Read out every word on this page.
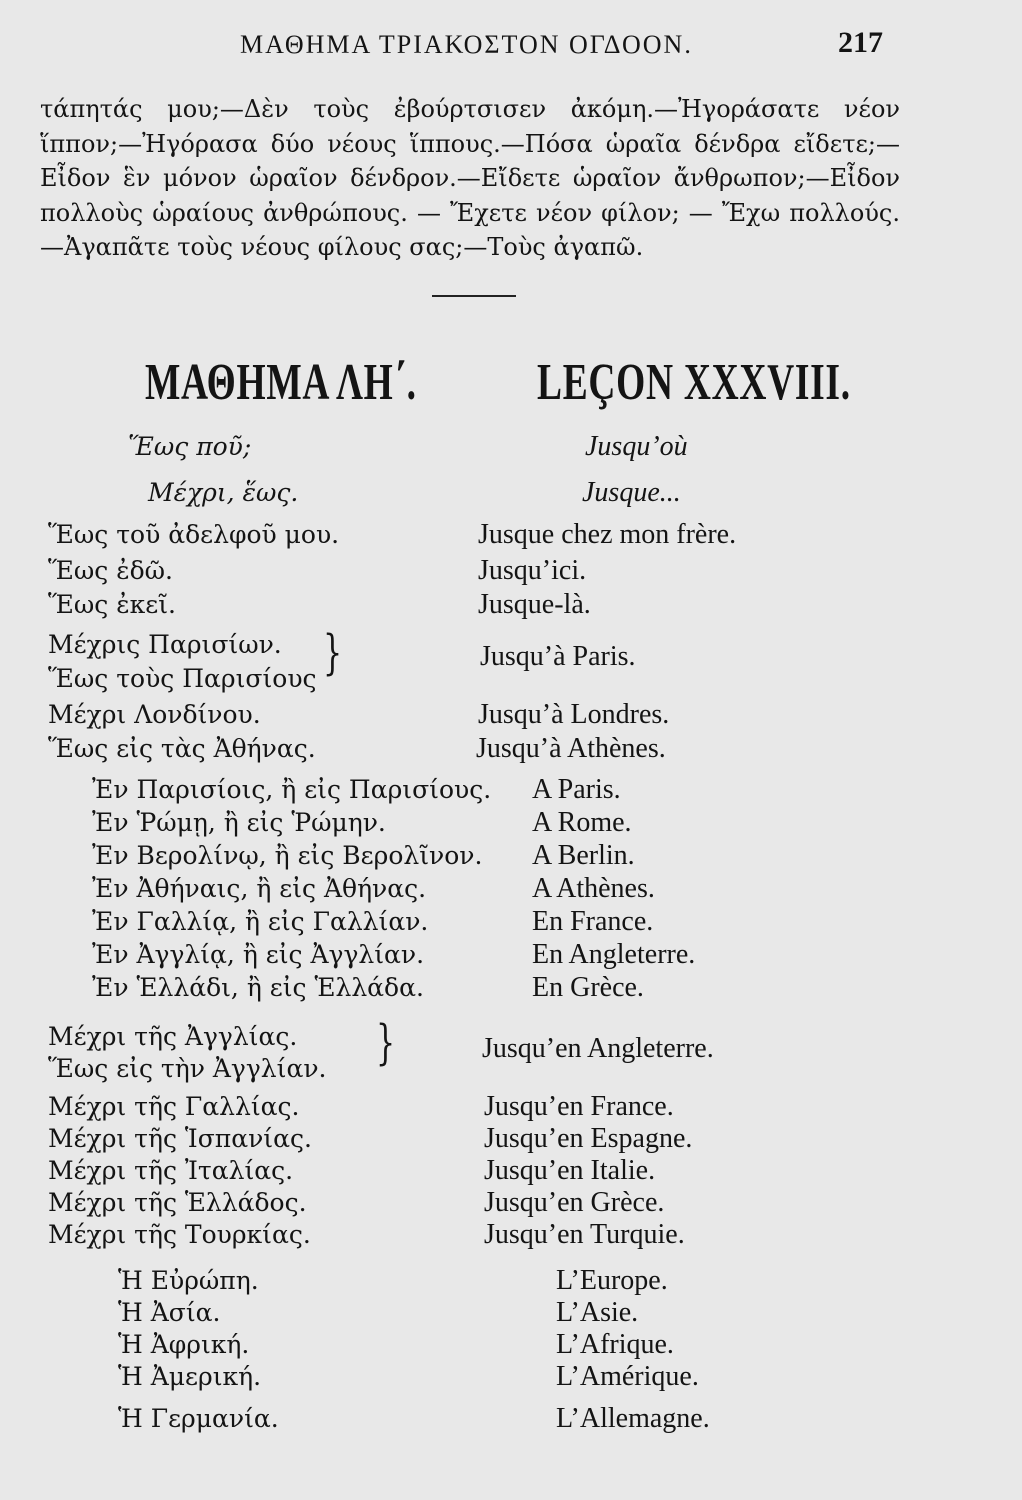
ΜΑΘΗΜΑ ΤΡΙΑΚΟΣΤΟΝ ΟΓΔΟΟΝ.	217

τάπητάς μου;—Δὲν τοὺς ἐβούρτσισεν ἀκόμη.—Ἠγοράσατε νέον ἵππον;—Ἠγόρασα δύο νέους ἵππους.—Πόσα ὡραῖα δένδρα εἴδετε;—Εἶδον ἓν μόνον ὡραῖον δένδρον.—Εἴδετε ὡραῖον ἄνθρωπον;—Εἶδον πολλοὺς ὡραίους ἀνθρώπους. — Ἔχετε νέον φίλον; — Ἔχω πολλούς.—Ἀγαπᾶτε τοὺς νέους φίλους σας;—Τοὺς ἀγαπῶ.

ΜΑΘΗΜΑ ΛΗ΄. LEÇON XXXVIII.
Ἕως ποῦ;	Jusqu’où
Μέχρι, ἕως.	Jusque...
Ἕως τοῦ ἀδελφοῦ μου.	Jusque chez mon frère.
Ἕως ἐδῶ.	Jusqu’ici.
Ἕως ἐκεῖ.	Jusque-là.
Μέχρις Παρισίων.
Ἕως τοὺς Παρισίους }	Jusqu’à Paris.
Μέχρι Λονδίνου.	Jusqu’à Londres.
Ἕως εἰς τὰς Ἀθήνας.	Jusqu’à Athènes.
Ἐν Παρισίοις, ἢ εἰς Παρισίους. A Paris.
Ἐν Ῥώμῃ, ἢ εἰς Ῥώμην.	A Rome.
Ἐν Βερολίνῳ, ἢ εἰς Βερολῖνον. A Berlin.
Ἐν Ἀθήναις, ἢ εἰς Ἀθήνας.	A Athènes.
Ἐν Γαλλίᾳ, ἢ εἰς Γαλλίαν.	En France.
Ἐν Ἀγγλίᾳ, ἢ εἰς Ἀγγλίαν.	En Angleterre.
Ἐν Ἑλλάδι, ἢ εἰς Ἑλλάδα.	En Grèce.
Μέχρι τῆς Ἀγγλίας.
Ἕως εἰς τὴν Ἀγγλίαν. }	Jusqu’en Angleterre.
Μέχρι τῆς Γαλλίας.	Jusqu’en France.
Μέχρι τῆς Ἱσπανίας.	Jusqu’en Espagne.
Μέχρι τῆς Ἰταλίας.	Jusqu’en Italie.
Μέχρι τῆς Ἑλλάδος.	Jusqu’en Grèce.
Μέχρι τῆς Τουρκίας.	Jusqu’en Turquie.
Ἡ Εὐρώπη.	L’Europe.
Ἡ Ἀσία.	L’Asie.
Ἡ Ἀφρική.	L’Afrique.
Ἡ Ἀμερική.	L’Amérique.
Ἡ Γερμανία.	L’Allemagne.
